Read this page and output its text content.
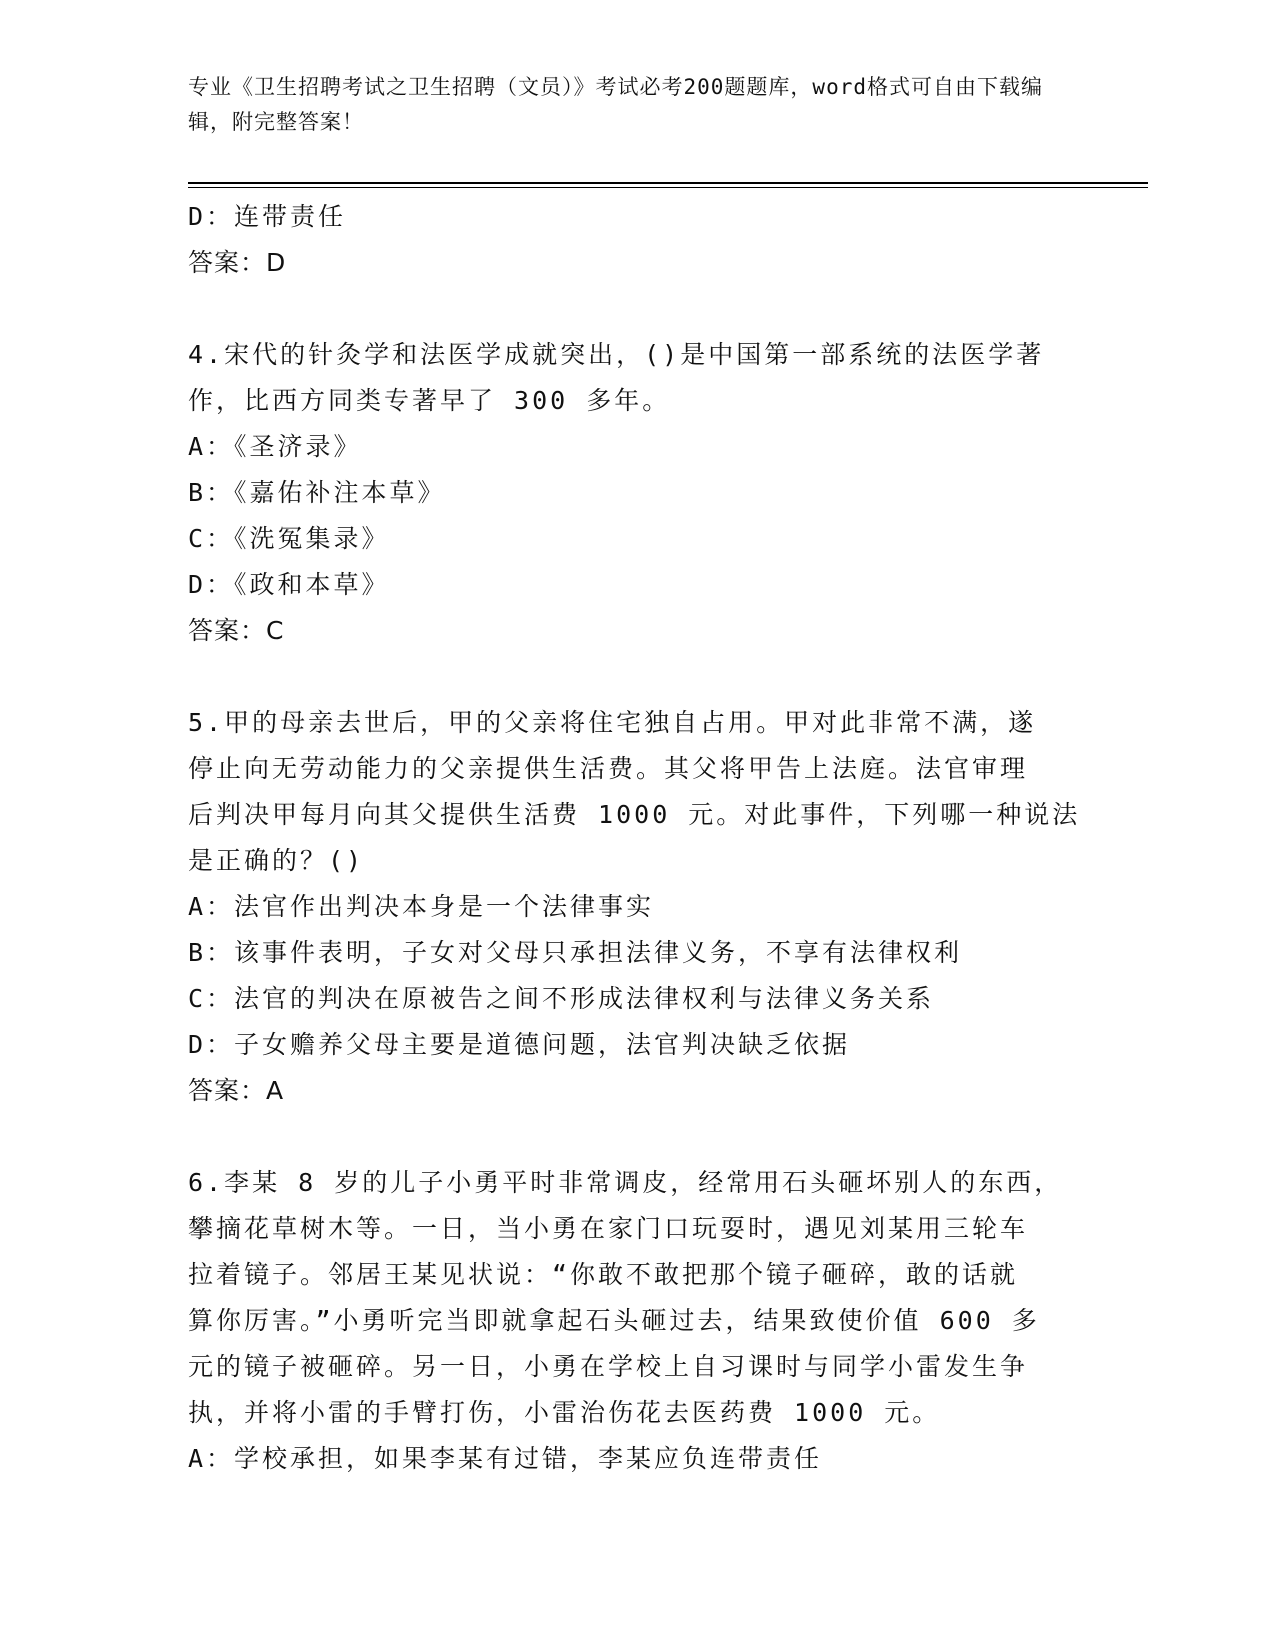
专业《卫生招聘考试之卫生招聘（文员）》考试必考200题题库，word格式可自由下载编辑，附完整答案！

D：连带责任
答案：D
4.宋代的针灸学和法医学成就突出，()是中国第一部系统的法医学著
作，比西方同类专著早了 300 多年。
A：《圣济录》
B：《嘉佑补注本草》
C：《洗冤集录》
D：《政和本草》
答案：C
5.甲的母亲去世后，甲的父亲将住宅独自占用。甲对此非常不满，遂
停止向无劳动能力的父亲提供生活费。其父将甲告上法庭。法官审理
后判决甲每月向其父提供生活费 1000 元。对此事件，下列哪一种说法
是正确的？()
A：法官作出判决本身是一个法律事实
B：该事件表明，子女对父母只承担法律义务，不享有法律权利
C：法官的判决在原被告之间不形成法律权利与法律义务关系
D：子女赡养父母主要是道德问题，法官判决缺乏依据
答案：A
6.李某 8 岁的儿子小勇平时非常调皮，经常用石头砸坏别人的东西，
攀摘花草树木等。一日，当小勇在家门口玩耍时，遇见刘某用三轮车
拉着镜子。邻居王某见状说：“你敢不敢把那个镜子砸碎，敢的话就
算你厉害。”小勇听完当即就拿起石头砸过去，结果致使价值 600 多
元的镜子被砸碎。另一日，小勇在学校上自习课时与同学小雷发生争
执，并将小雷的手臂打伤，小雷治伤花去医药费 1000 元。
A：学校承担，如果李某有过错，李某应负连带责任
